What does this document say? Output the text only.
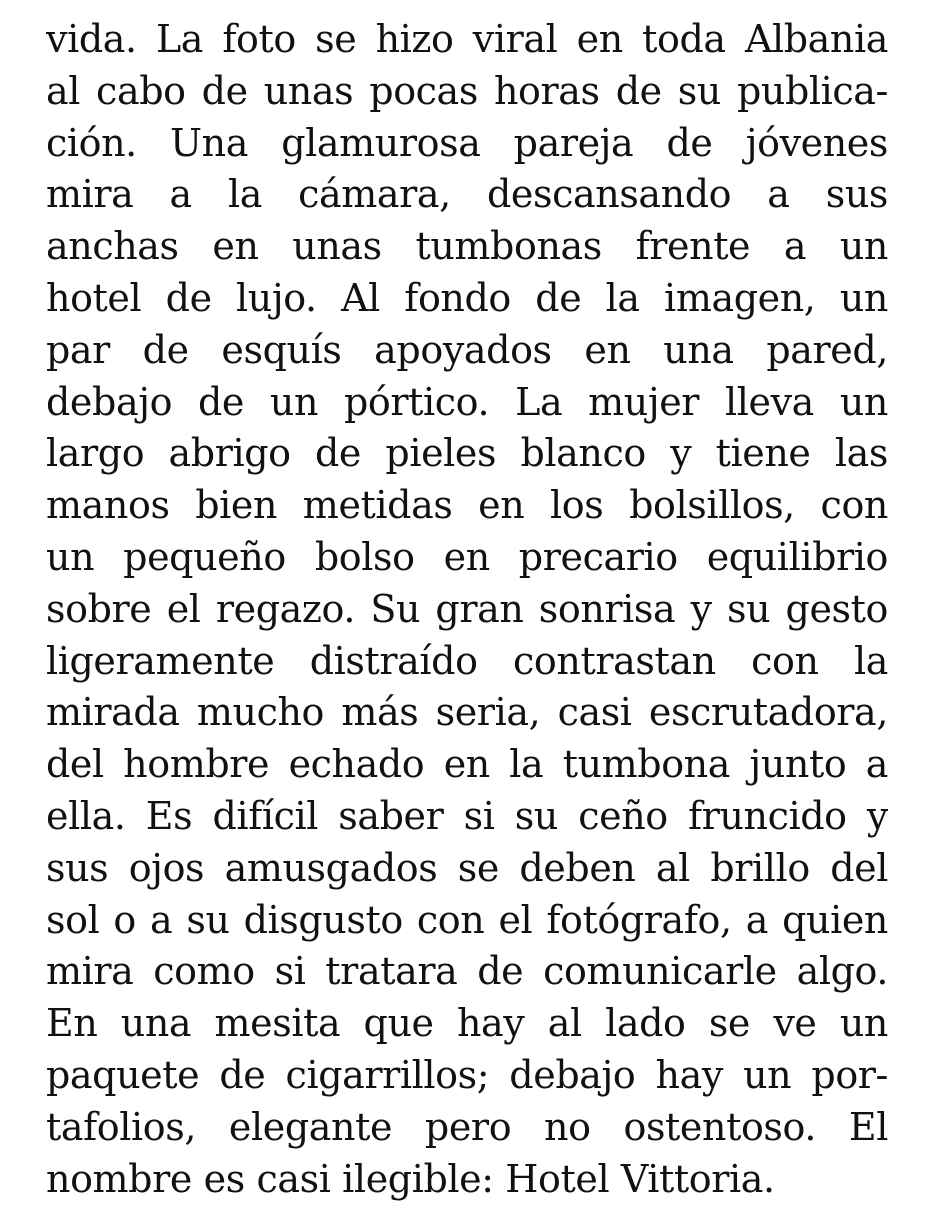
vida. La foto se hizo viral en toda Albania
al cabo de unas pocas horas de su publica-
ción. Una glamurosa pareja de jóvenes
mira a la cámara, descansando a sus
anchas en unas tumbonas frente a un
hotel de lujo. Al fondo de la imagen, un
par de esquís apoyados en una pared,
debajo de un pórtico. La mujer lleva un
largo abrigo de pieles blanco y tiene las
manos bien metidas en los bolsillos, con
un pequeño bolso en precario equilibrio
sobre el regazo. Su gran sonrisa y su gesto
ligeramente distraído contrastan con la
mirada mucho más seria, casi escrutadora,
del hombre echado en la tumbona junto a
ella. Es difícil saber si su ceño fruncido y
sus ojos amusgados se deben al brillo del
sol o a su disgusto con el fotógrafo, a quien
mira como si tratara de comunicarle algo.
En una mesita que hay al lado se ve un
paquete de cigarrillos; debajo hay un por-
tafolios, elegante pero no ostentoso. El
nombre es casi ilegible: Hotel Vittoria.
